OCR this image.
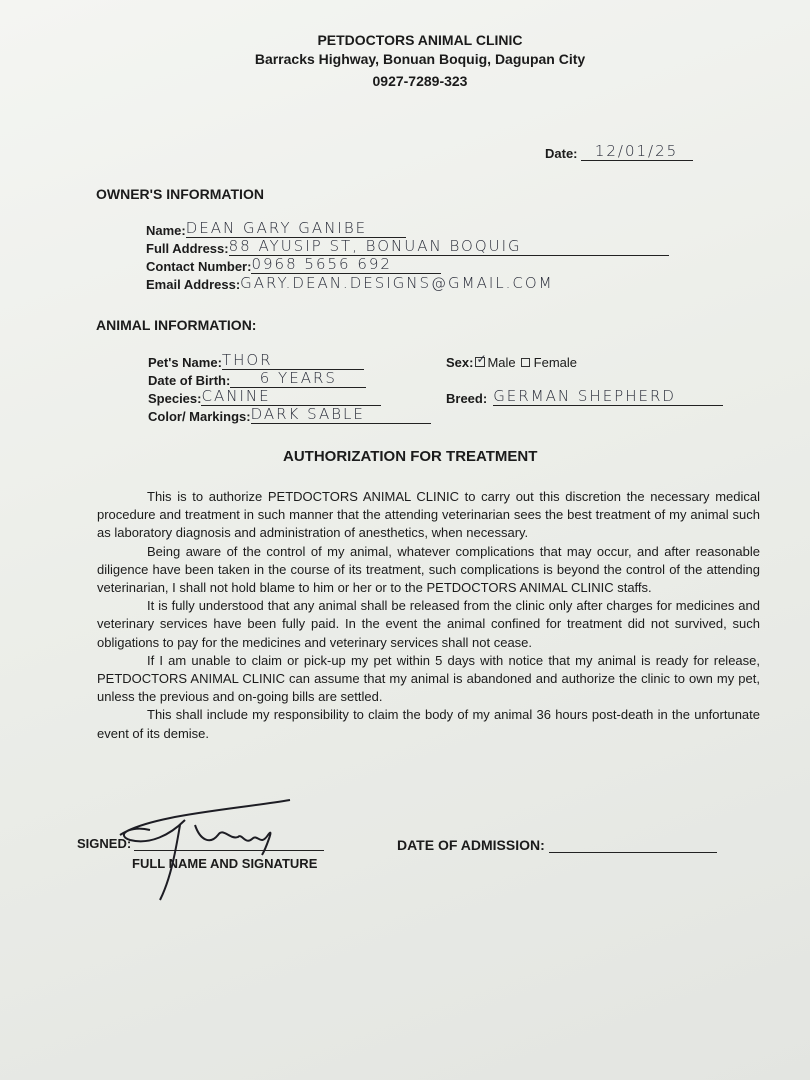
PETDOCTORS ANIMAL CLINIC
Barracks Highway, Bonuan Boquig, Dagupan City
0927-7289-323
Date:	12/01/25
OWNER'S INFORMATION
Name: DEAN GARY GANIBE
Full Address: 88 AYUSIP ST, BONUAN BOQUIG
Contact Number: 0968 5656 692
Email Address: GARY.DEAN.DESIGNS@GMAIL.COM
ANIMAL INFORMATION:
Pet's Name: THOR
Date of Birth:	6 YEARS
Species: CANINE
Color/ Markings: DARK SABLE
Sex: ✓ Male Female
Breed: GERMAN SHEPHERD
AUTHORIZATION FOR TREATMENT

This is to authorize PETDOCTORS ANIMAL CLINIC to carry out this discretion the necessary medical procedure and treatment in such manner that the attending veterinarian sees the best treatment of my animal such as laboratory diagnosis and administration of anesthetics, when necessary.

Being aware of the control of my animal, whatever complications that may occur, and after reasonable diligence have been taken in the course of its treatment, such complications is beyond the control of the attending veterinarian, I shall not hold blame to him or her or to the PETDOCTORS ANIMAL CLINIC staffs.

It is fully understood that any animal shall be released from the clinic only after charges for medicines and veterinary services have been fully paid. In the event the animal confined for treatment did not survived, such obligations to pay for the medicines and veterinary services shall not cease.

If I am unable to claim or pick-up my pet within 5 days with notice that my animal is ready for release, PETDOCTORS ANIMAL CLINIC can assume that my animal is abandoned and authorize the clinic to own my pet, unless the previous and on-going bills are settled.

This shall include my responsibility to claim the body of my animal 36 hours post-death in the unfortunate event of its demise.

SIGNED:
FULL NAME AND SIGNATURE
DATE OF ADMISSION:
